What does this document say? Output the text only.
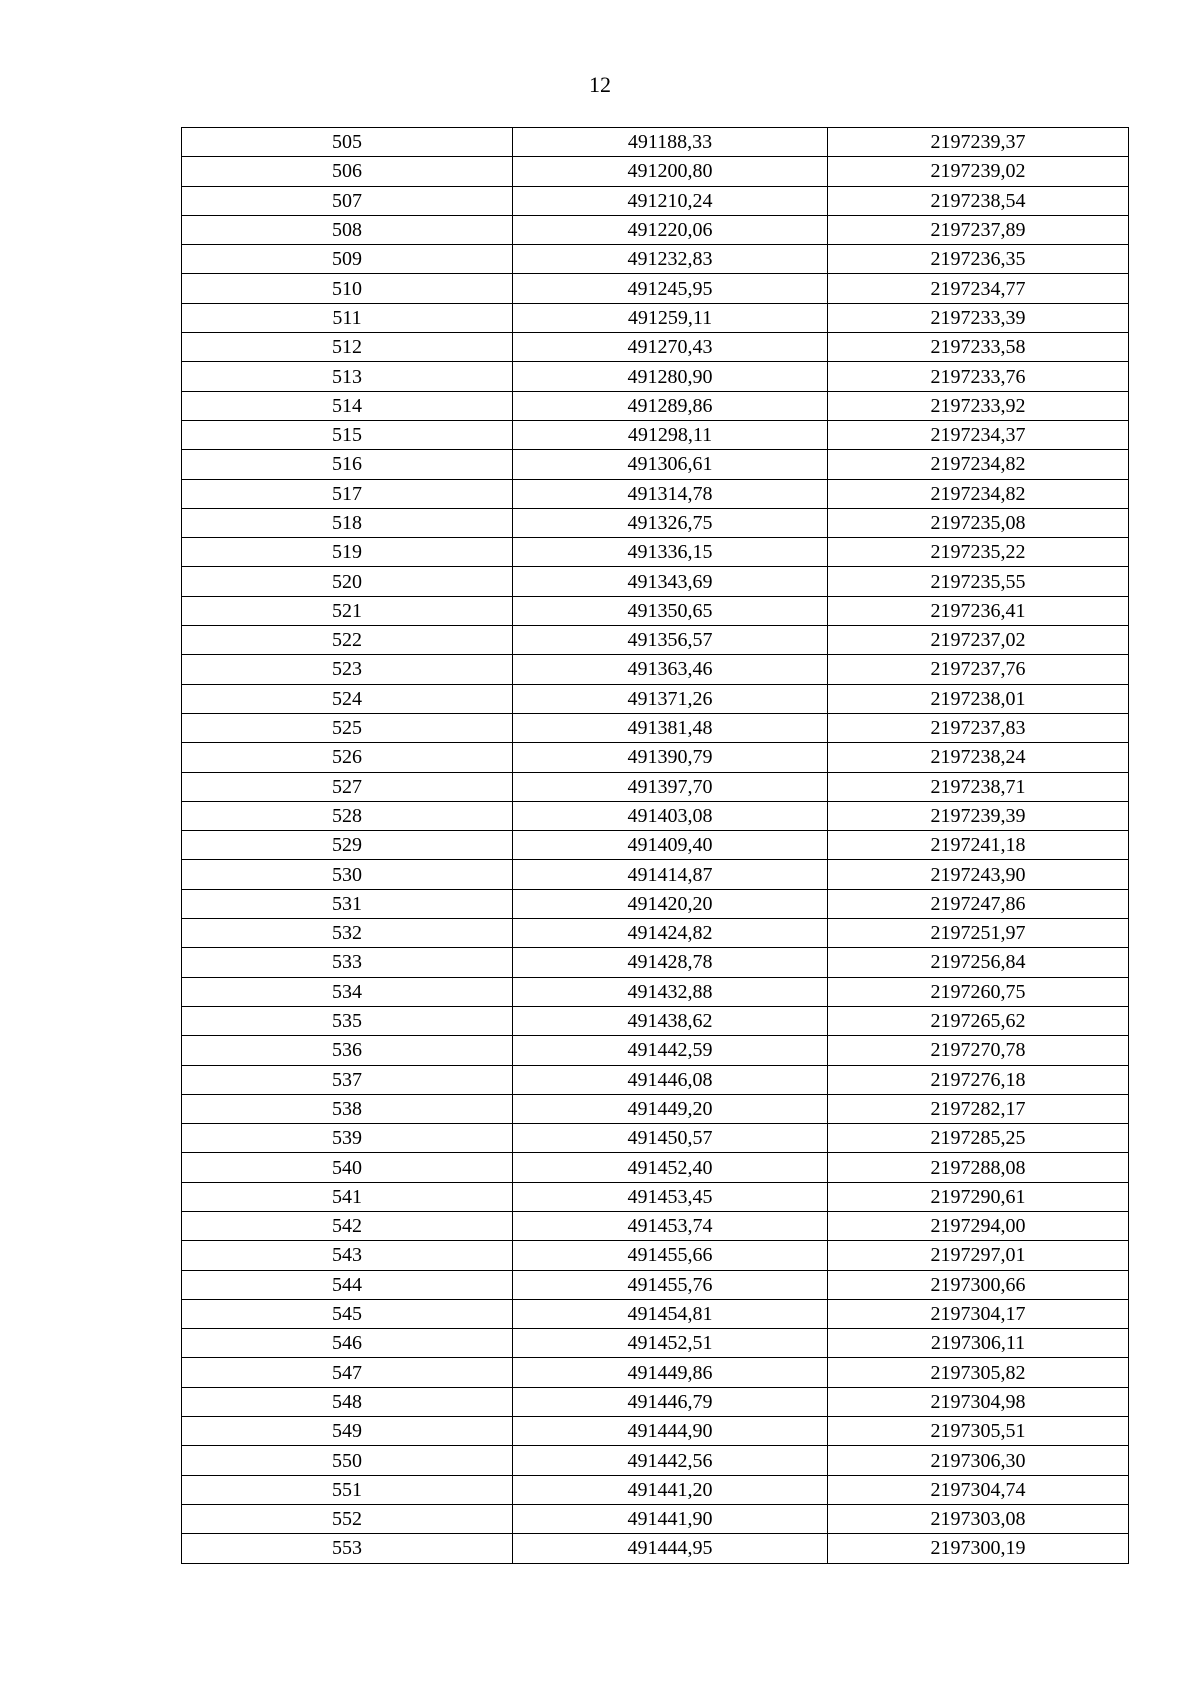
12
505	491188,33	2197239,37
506	491200,80	2197239,02
507	491210,24	2197238,54
508	491220,06	2197237,89
509	491232,83	2197236,35
510	491245,95	2197234,77
511	491259,11	2197233,39
512	491270,43	2197233,58
513	491280,90	2197233,76
514	491289,86	2197233,92
515	491298,11	2197234,37
516	491306,61	2197234,82
517	491314,78	2197234,82
518	491326,75	2197235,08
519	491336,15	2197235,22
520	491343,69	2197235,55
521	491350,65	2197236,41
522	491356,57	2197237,02
523	491363,46	2197237,76
524	491371,26	2197238,01
525	491381,48	2197237,83
526	491390,79	2197238,24
527	491397,70	2197238,71
528	491403,08	2197239,39
529	491409,40	2197241,18
530	491414,87	2197243,90
531	491420,20	2197247,86
532	491424,82	2197251,97
533	491428,78	2197256,84
534	491432,88	2197260,75
535	491438,62	2197265,62
536	491442,59	2197270,78
537	491446,08	2197276,18
538	491449,20	2197282,17
539	491450,57	2197285,25
540	491452,40	2197288,08
541	491453,45	2197290,61
542	491453,74	2197294,00
543	491455,66	2197297,01
544	491455,76	2197300,66
545	491454,81	2197304,17
546	491452,51	2197306,11
547	491449,86	2197305,82
548	491446,79	2197304,98
549	491444,90	2197305,51
550	491442,56	2197306,30
551	491441,20	2197304,74
552	491441,90	2197303,08
553	491444,95	2197300,19
